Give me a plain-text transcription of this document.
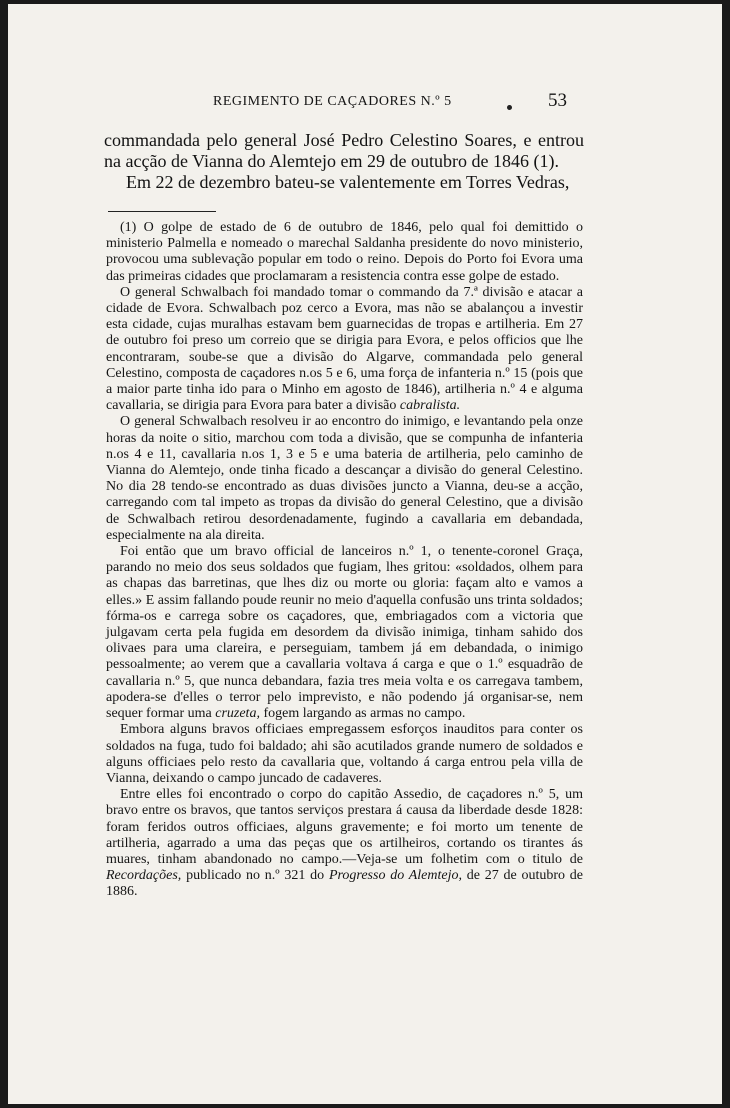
REGIMENTO DE CAÇADORES N.º 5	53

commandada pelo general José Pedro Celestino Soares, e entrou na acção de Vianna do Alemtejo em 29 de outubro de 1846 (1).

Em 22 de dezembro bateu-se valentemente em Torres Vedras,

(1) O golpe de estado de 6 de outubro de 1846, pelo qual foi demittido o ministerio Palmella e nomeado o marechal Saldanha presidente do novo ministerio, provocou uma sublevação popular em todo o reino. Depois do Porto foi Evora uma das primeiras cidades que proclamaram a resistencia contra esse golpe de estado.

O general Schwalbach foi mandado tomar o commando da 7.ª divisão e atacar a cidade de Evora. Schwalbach poz cerco a Evora, mas não se abalançou a investir esta cidade, cujas muralhas estavam bem guarnecidas de tropas e artilheria. Em 27 de outubro foi preso um correio que se dirigia para Evora, e pelos officios que lhe encontraram, soube-se que a divisão do Algarve, commandada pelo general Celestino, composta de caçadores n.os 5 e 6, uma força de infanteria n.º 15 (pois que a maior parte tinha ido para o Minho em agosto de 1846), artilheria n.º 4 e alguma cavallaria, se dirigia para Evora para bater a divisão cabralista.

O general Schwalbach resolveu ir ao encontro do inimigo, e levantando pela onze horas da noite o sitio, marchou com toda a divisão, que se compunha de infanteria n.os 4 e 11, cavallaria n.os 1, 3 e 5 e uma bateria de artilheria, pelo caminho de Vianna do Alemtejo, onde tinha ficado a descançar a divisão do general Celestino. No dia 28 tendo-se encontrado as duas divisões juncto a Vianna, deu-se a acção, carregando com tal impeto as tropas da divisão do general Celestino, que a divisão de Schwalbach retirou desordenadamente, fugindo a cavallaria em debandada, especialmente na ala direita.

Foi então que um bravo official de lanceiros n.º 1, o tenente-coronel Graça, parando no meio dos seus soldados que fugiam, lhes gritou: «soldados, olhem para as chapas das barretinas, que lhes diz ou morte ou gloria: façam alto e vamos a elles.» E assim fallando poude reunir no meio d'aquella confusão uns trinta soldados; fórma-os e carrega sobre os caçadores, que, embriagados com a victoria que julgavam certa pela fugida em desordem da divisão inimiga, tinham sahido dos olivaes para uma clareira, e perseguiam, tambem já em debandada, o inimigo pessoalmente; ao verem que a cavallaria voltava á carga e que o 1.º esquadrão de cavallaria n.º 5, que nunca debandara, fazia tres meia volta e os carregava tambem, apodera-se d'elles o terror pelo imprevisto, e não podendo já organisar-se, nem sequer formar uma cruzeta, fogem largando as armas no campo.

Embora alguns bravos officiaes empregassem esforços inauditos para conter os soldados na fuga, tudo foi baldado; ahi são acutilados grande numero de soldados e alguns officiaes pelo resto da cavallaria que, voltando á carga entrou pela villa de Vianna, deixando o campo juncado de cadaveres.

Entre elles foi encontrado o corpo do capitão Assedio, de caçadores n.º 5, um bravo entre os bravos, que tantos serviços prestara á causa da liberdade desde 1828: foram feridos outros officiaes, alguns gravemente; e foi morto um tenente de artilheria, agarrado a uma das peças que os artilheiros, cortando os tirantes ás muares, tinham abandonado no campo.—Veja-se um folhetim com o titulo de Recordações, publicado no n.º 321 do Progresso do Alemtejo, de 27 de outubro de 1886.
